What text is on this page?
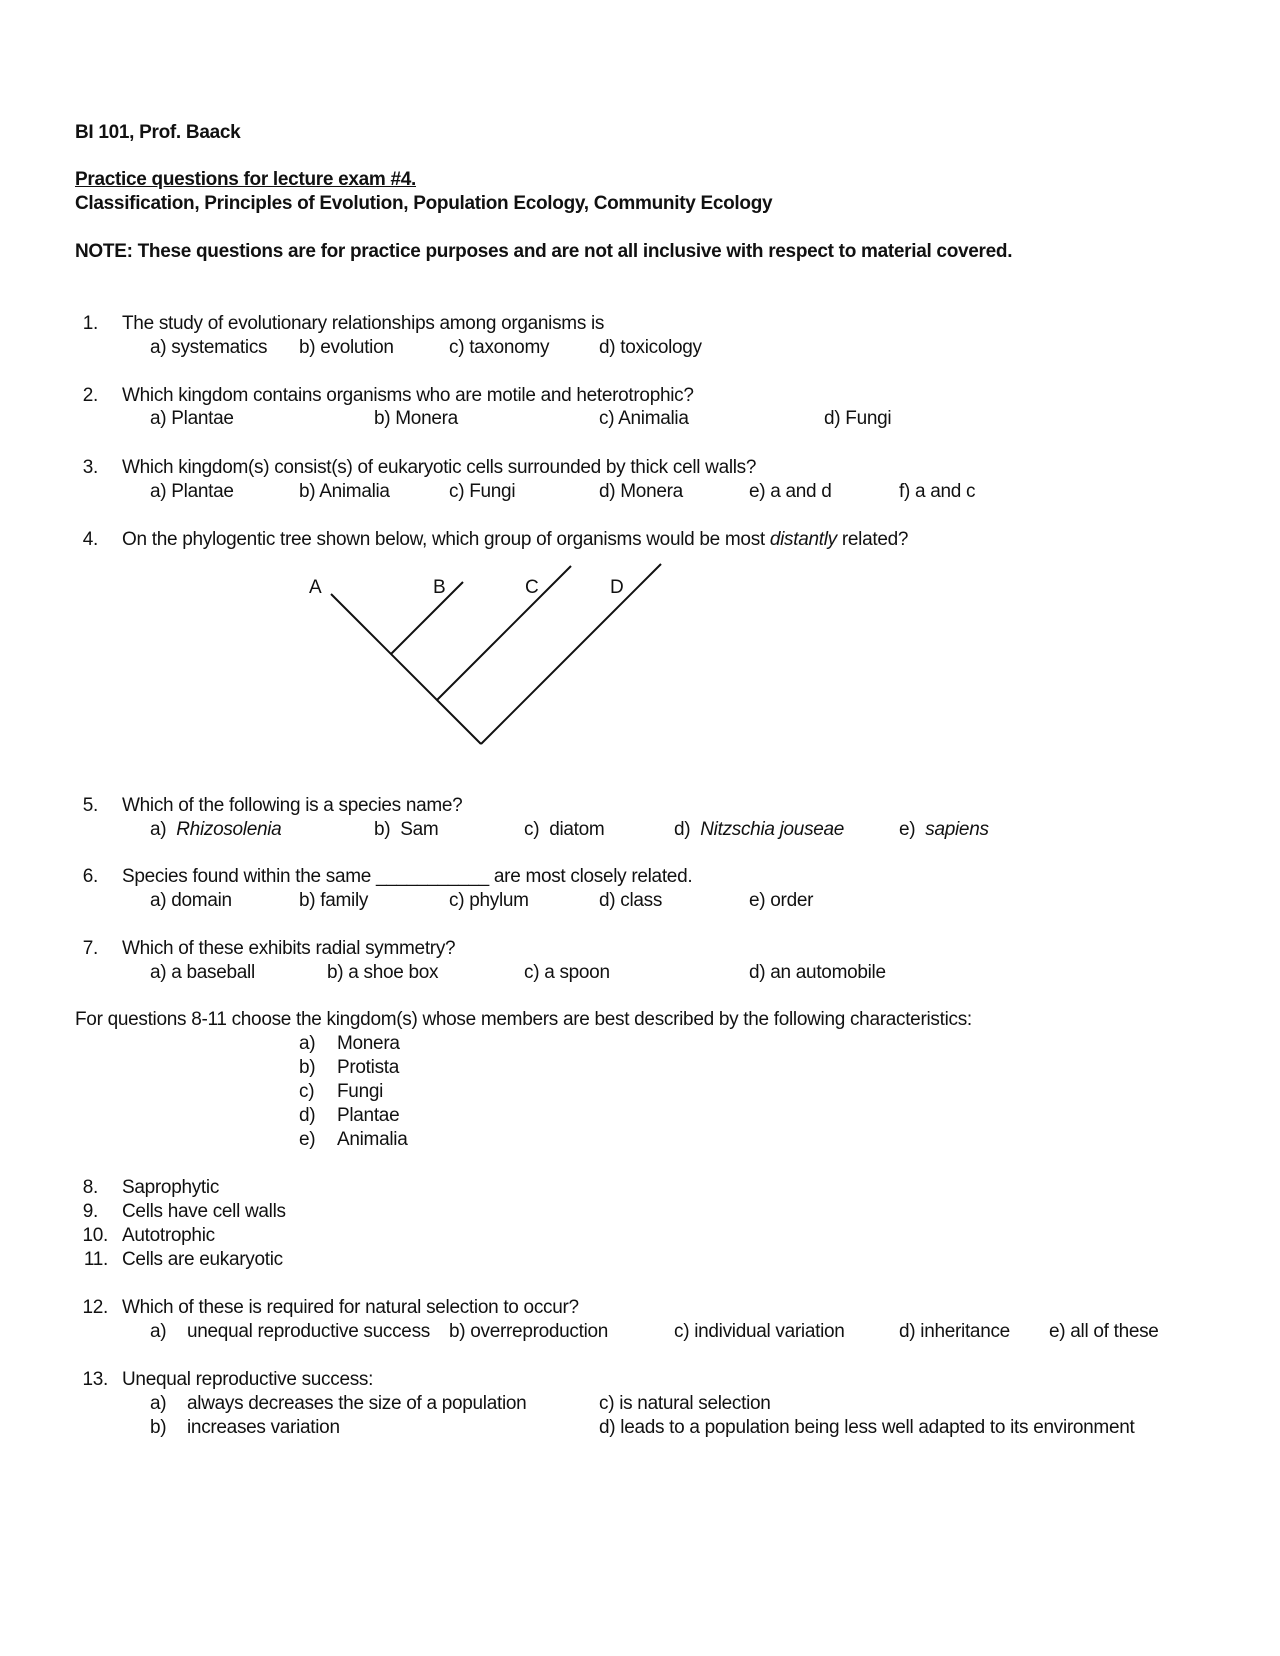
BI 101, Prof. Baack
Practice questions for lecture exam #4.
Classification, Principles of Evolution, Population Ecology, Community Ecology
NOTE: These questions are for practice purposes and are not all inclusive with respect to material covered.
1. The study of evolutionary relationships among organisms is
a) systematics b) evolution	c) taxonomy	d) toxicology
2. Which kingdom contains organisms who are motile and heterotrophic?
a) Plantae	b) Monera	c) Animalia	d) Fungi
3. Which kingdom(s) consist(s) of eukaryotic cells surrounded by thick cell walls?
a) Plantae	b) Animalia	c) Fungi	d) Monera	e) a and d	f) a and c
4. On the phylogentic tree shown below, which group of organisms would be most distantly related?
A	B	C	D
5. Which of the following is a species name?
a) Rhizosolenia	b) Sam	c) diatom	d) Nitzschia jouseae	e) sapiens
6. Species found within the same ___________ are most closely related.
a) domain	b) family	c) phylum	d) class	e) order
7. Which of these exhibits radial symmetry?
a) a baseball	b) a shoe box	c) a spoon	d) an automobile
For questions 8-11 choose the kingdom(s) whose members are best described by the following characteristics:
a) Monera
b) Protista
c) Fungi
d) Plantae
e) Animalia
8. Saprophytic
9. Cells have cell walls
10. Autotrophic
11. Cells are eukaryotic
12. Which of these is required for natural selection to occur?
a) unequal reproductive success b) overreproduction	c) individual variation	d) inheritance e) all of these
13. Unequal reproductive success:
a) always decreases the size of a population
b) increases variation
c) is natural selection
d) leads to a population being less well adapted to its environment
